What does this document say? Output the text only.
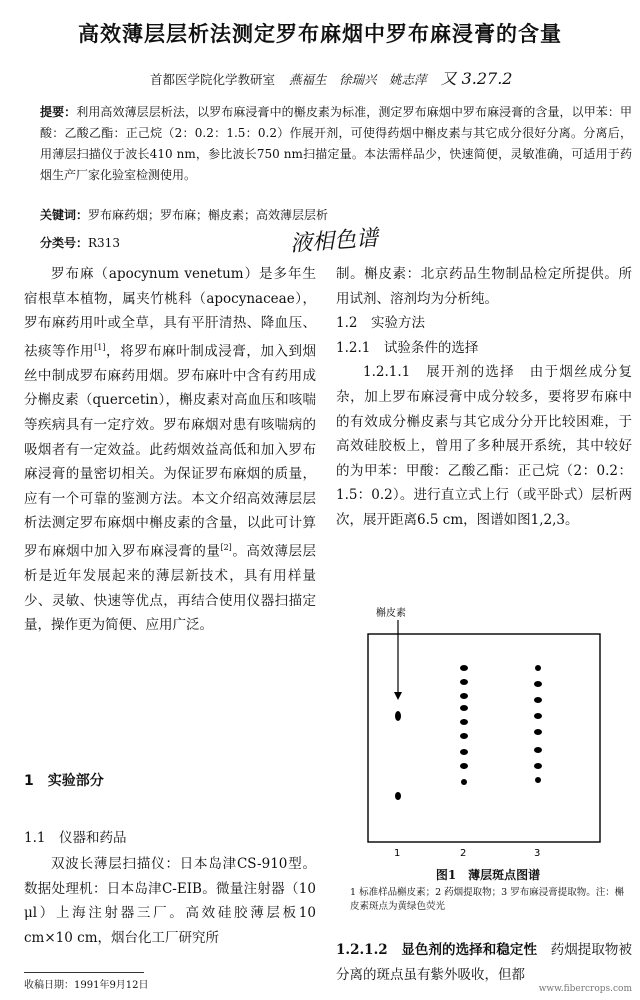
高效薄层层析法测定罗布麻烟中罗布麻浸膏的含量
首都医学院化学教研室 燕福生　徐瑞兴　姚志萍 又 3.27.2
提要：利用高效薄层层析法，以罗布麻浸膏中的槲皮素为标准，测定罗布麻烟中罗布麻浸膏的含量，以甲苯：甲酸：乙酸乙酯：正己烷（2：0.2：1.5：0.2）作展开剂，可使得药烟中槲皮素与其它成分很好分离。分离后，用薄层扫描仪于波长410 nm，参比波长750 nm扫描定量。本法需样品少，快速简便，灵敏准确，可适用于药烟生产厂家化验室检测使用。
关键词：罗布麻药烟；罗布麻；槲皮素；高效薄层层析
分类号：R313	液相色谱

罗布麻（apocynum venetum）是多年生宿根草本植物，属夹竹桃科（apocynaceae），罗布麻药用叶或全草，具有平肝清热、降血压、祛痰等作用[1]，将罗布麻叶制成浸膏，加入到烟丝中制成罗布麻药用烟。罗布麻叶中含有药用成分槲皮素（quercetin），槲皮素对高血压和咳喘等疾病具有一定疗效。罗布麻烟对患有咳喘病的吸烟者有一定效益。此药烟效益高低和加入罗布麻浸膏的量密切相关。为保证罗布麻烟的质量，应有一个可靠的鉴测方法。本文介绍高效薄层层析法测定罗布麻烟中槲皮素的含量，以此可计算罗布麻烟中加入罗布麻浸膏的量[2]。高效薄层层析是近年发展起来的薄层新技术，具有用样量少、灵敏、快速等优点，再结合使用仪器扫描定量，操作更为简便、应用广泛。

1　实验部分
1.1　仪器和药品
双波长薄层扫描仪：日本岛津CS-910型。数据处理机：日本岛津C-EIB。微量注射器（10 μl）上海注射器三厂。高效硅胶薄层板10 cm×10 cm，烟台化工厂研究所

制。槲皮素：北京药品生物制品检定所提供。所用试剂、溶剂均为分析纯。

1.2　实验方法

1.2.1　试验条件的选择

1.2.1.1　展开剂的选择　由于烟丝成分复杂，加上罗布麻浸膏中成分较多，要将罗布麻中的有效成分槲皮素与其它成分分开比较困难，于高效硅胶板上，曾用了多种展开系统，其中较好的为甲苯：甲酸：乙酸乙酯：正己烷（2：0.2：1.5：0.2）。进行直立式上行（或平卧式）层析两次，展开距离6.5 cm，图谱如图1,2,3。

槲皮素
1	2	3
图1　薄层斑点图谱
1 标准样品槲皮素；2 药烟提取物；3 罗布麻浸膏提取物。注：槲皮素斑点为黄绿色荧光
1.2.1.2　显色剂的选择和稳定性　药烟提取物被分离的斑点虽有紫外吸收，但都
收稿日期：1991年9月12日	www.fibercrops.com
